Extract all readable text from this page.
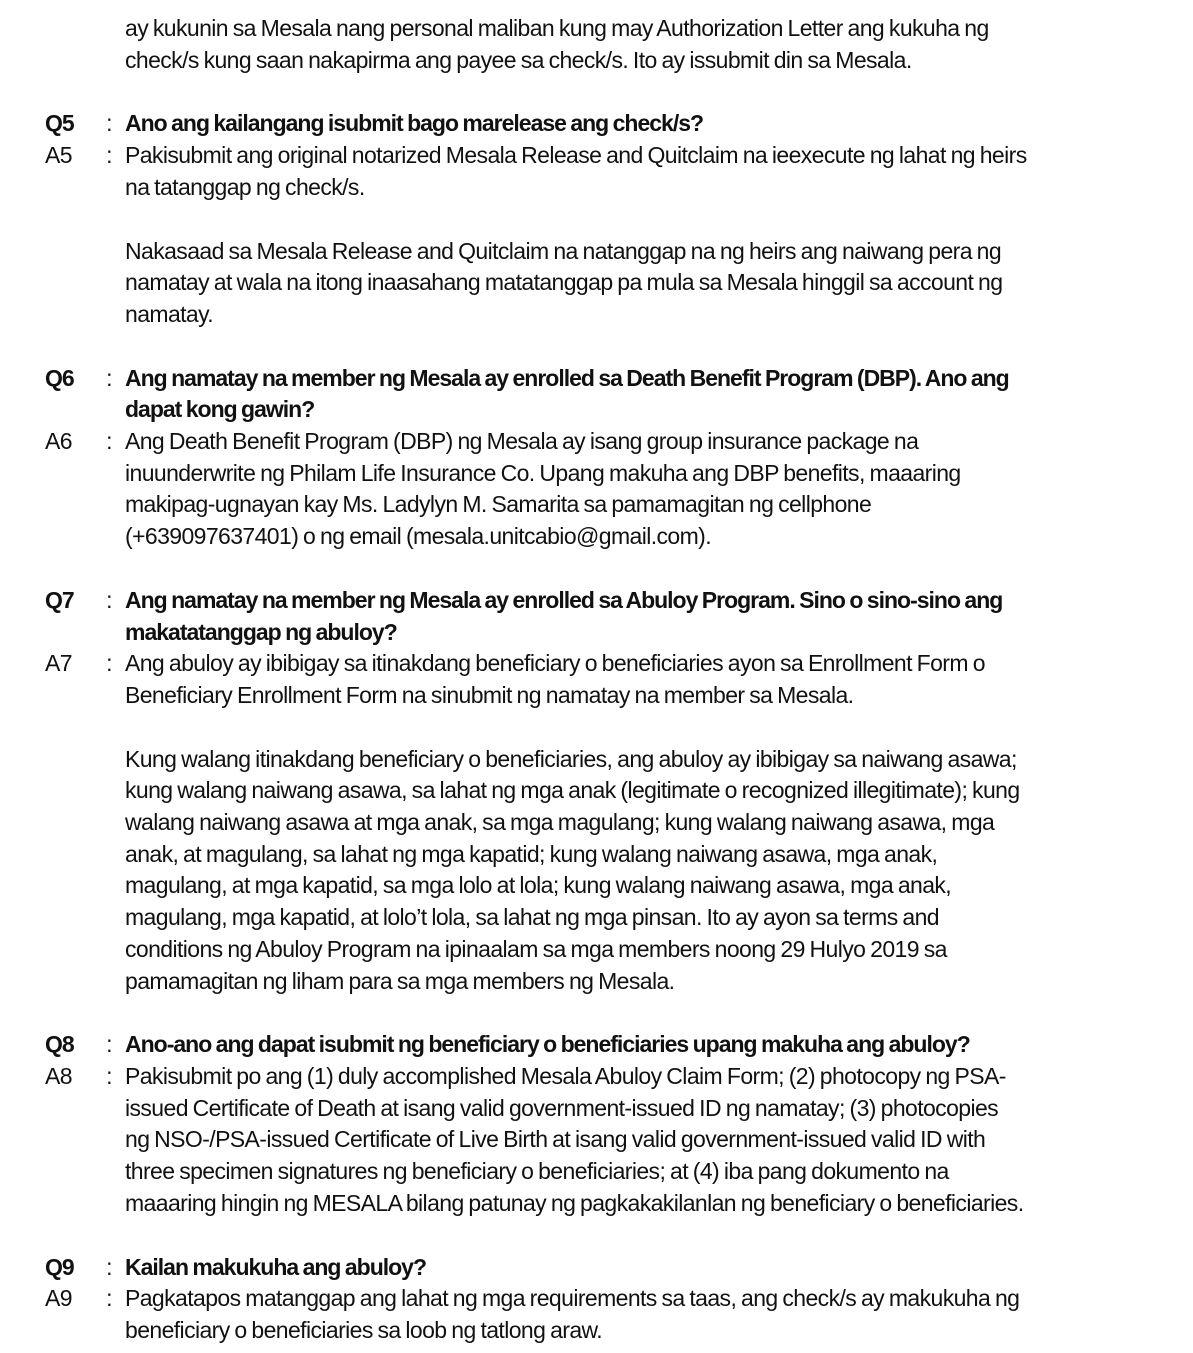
ay kukunin sa Mesala nang personal maliban kung may Authorization Letter ang kukuha ng
check/s kung saan nakapirma ang payee sa check/s. Ito ay issubmit din sa Mesala.
Q5	: Ano ang kailangang isubmit bago marelease ang check/s?
A5	: Pakisubmit ang original notarized Mesala Release and Quitclaim na ieexecute ng lahat ng heirs
na tatanggap ng check/s.
Nakasaad sa Mesala Release and Quitclaim na natanggap na ng heirs ang naiwang pera ng
namatay at wala na itong inaasahang matatanggap pa mula sa Mesala hinggil sa account ng
namatay.
Q6	: Ang namatay na member ng Mesala ay enrolled sa Death Benefit Program (DBP). Ano ang
dapat kong gawin?
A6	: Ang Death Benefit Program (DBP) ng Mesala ay isang group insurance package na
inuunderwrite ng Philam Life Insurance Co. Upang makuha ang DBP benefits, maaaring
makipag-ugnayan kay Ms. Ladylyn M. Samarita sa pamamagitan ng cellphone
(+639097637401) o ng email (mesala.unitcabio@gmail.com).
Q7	: Ang namatay na member ng Mesala ay enrolled sa Abuloy Program. Sino o sino-sino ang
makatatanggap ng abuloy?
A7	: Ang abuloy ay ibibigay sa itinakdang beneficiary o beneficiaries ayon sa Enrollment Form o
Beneficiary Enrollment Form na sinubmit ng namatay na member sa Mesala.
Kung walang itinakdang beneficiary o beneficiaries, ang abuloy ay ibibigay sa naiwang asawa;
kung walang naiwang asawa, sa lahat ng mga anak (legitimate o recognized illegitimate); kung
walang naiwang asawa at mga anak, sa mga magulang; kung walang naiwang asawa, mga
anak, at magulang, sa lahat ng mga kapatid; kung walang naiwang asawa, mga anak,
magulang, at mga kapatid, sa mga lolo at lola; kung walang naiwang asawa, mga anak,
magulang, mga kapatid, at lolo’t lola, sa lahat ng mga pinsan. Ito ay ayon sa terms and
conditions ng Abuloy Program na ipinaalam sa mga members noong 29 Hulyo 2019 sa
pamamagitan ng liham para sa mga members ng Mesala.
Q8	: Ano-ano ang dapat isubmit ng beneficiary o beneficiaries upang makuha ang abuloy?
A8	: Pakisubmit po ang (1) duly accomplished Mesala Abuloy Claim Form; (2) photocopy ng PSA-
issued Certificate of Death at isang valid government-issued ID ng namatay; (3) photocopies
ng NSO-/PSA-issued Certificate of Live Birth at isang valid government-issued valid ID with
three specimen signatures ng beneficiary o beneficiaries; at (4) iba pang dokumento na
maaaring hingin ng MESALA bilang patunay ng pagkakakilanlan ng beneficiary o beneficiaries.
Q9	: Kailan makukuha ang abuloy?
A9	: Pagkatapos matanggap ang lahat ng mga requirements sa taas, ang check/s ay makukuha ng
beneficiary o beneficiaries sa loob ng tatlong araw.
